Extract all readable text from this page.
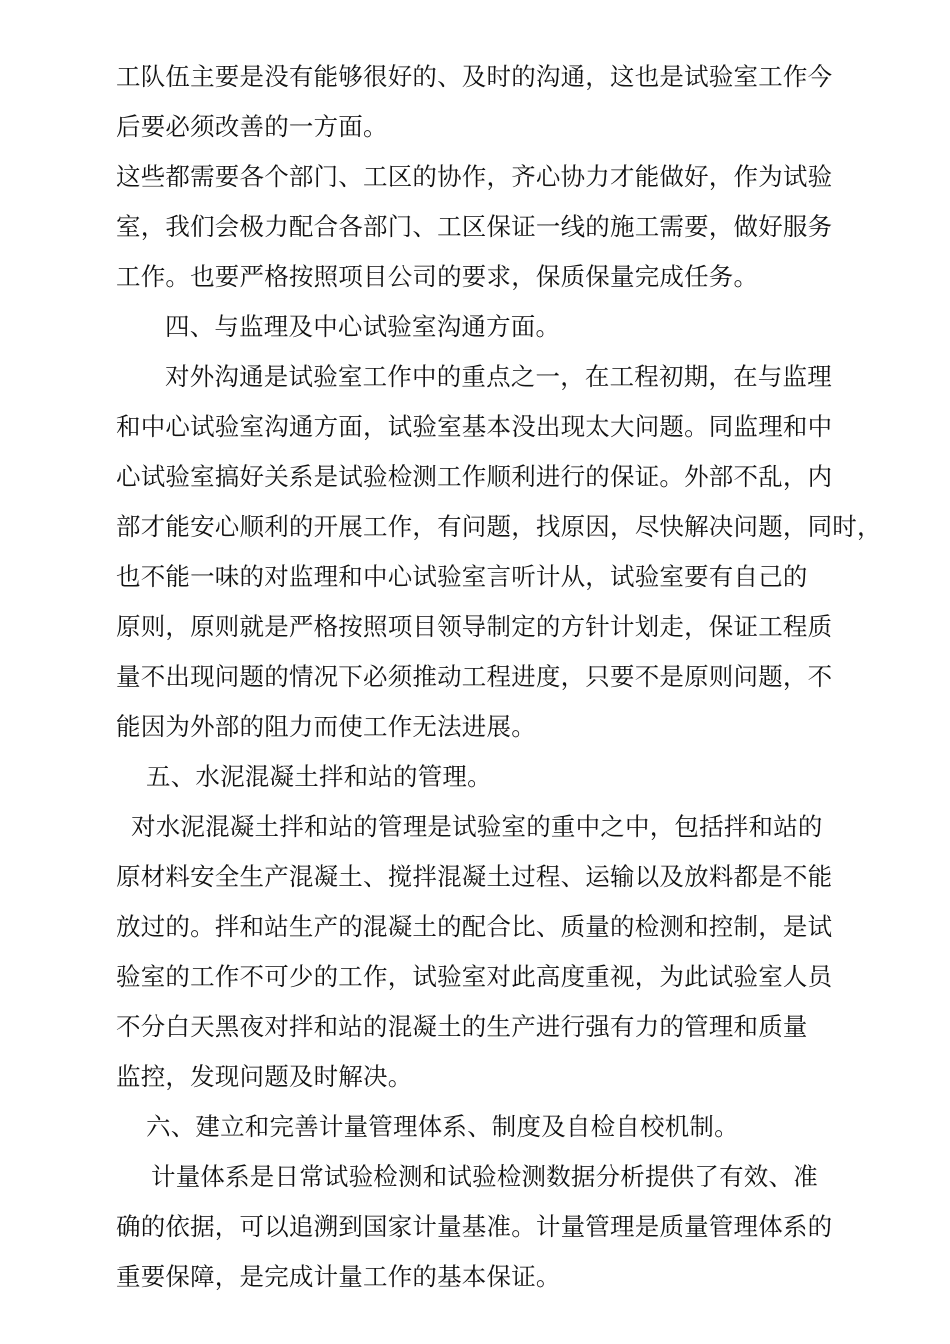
工队伍主要是没有能够很好的、及时的沟通，这也是试验室工作今
后要必须改善的一方面。
这些都需要各个部门、工区的协作，齐心协力才能做好，作为试验
室，我们会极力配合各部门、工区保证一线的施工需要，做好服务
工作。也要严格按照项目公司的要求，保质保量完成任务。
四、与监理及中心试验室沟通方面。
对外沟通是试验室工作中的重点之一，在工程初期，在与监理
和中心试验室沟通方面，试验室基本没出现太大问题。同监理和中
心试验室搞好关系是试验检测工作顺利进行的保证。外部不乱，内
部才能安心顺利的开展工作，有问题，找原因，尽快解决问题，同时，
也不能一味的对监理和中心试验室言听计从，试验室要有自己的
原则，原则就是严格按照项目领导制定的方针计划走，保证工程质
量不出现问题的情况下必须推动工程进度，只要不是原则问题，不
能因为外部的阻力而使工作无法进展。
五、水泥混凝土拌和站的管理。
对水泥混凝土拌和站的管理是试验室的重中之中，包括拌和站的
原材料安全生产混凝土、搅拌混凝土过程、运输以及放料都是不能
放过的。拌和站生产的混凝土的配合比、质量的检测和控制，是试
验室的工作不可少的工作，试验室对此高度重视，为此试验室人员
不分白天黑夜对拌和站的混凝土的生产进行强有力的管理和质量
监控，发现问题及时解决。
六、建立和完善计量管理体系、制度及自检自校机制。
计量体系是日常试验检测和试验检测数据分析提供了有效、准
确的依据，可以追溯到国家计量基准。计量管理是质量管理体系的
重要保障，是完成计量工作的基本保证。
